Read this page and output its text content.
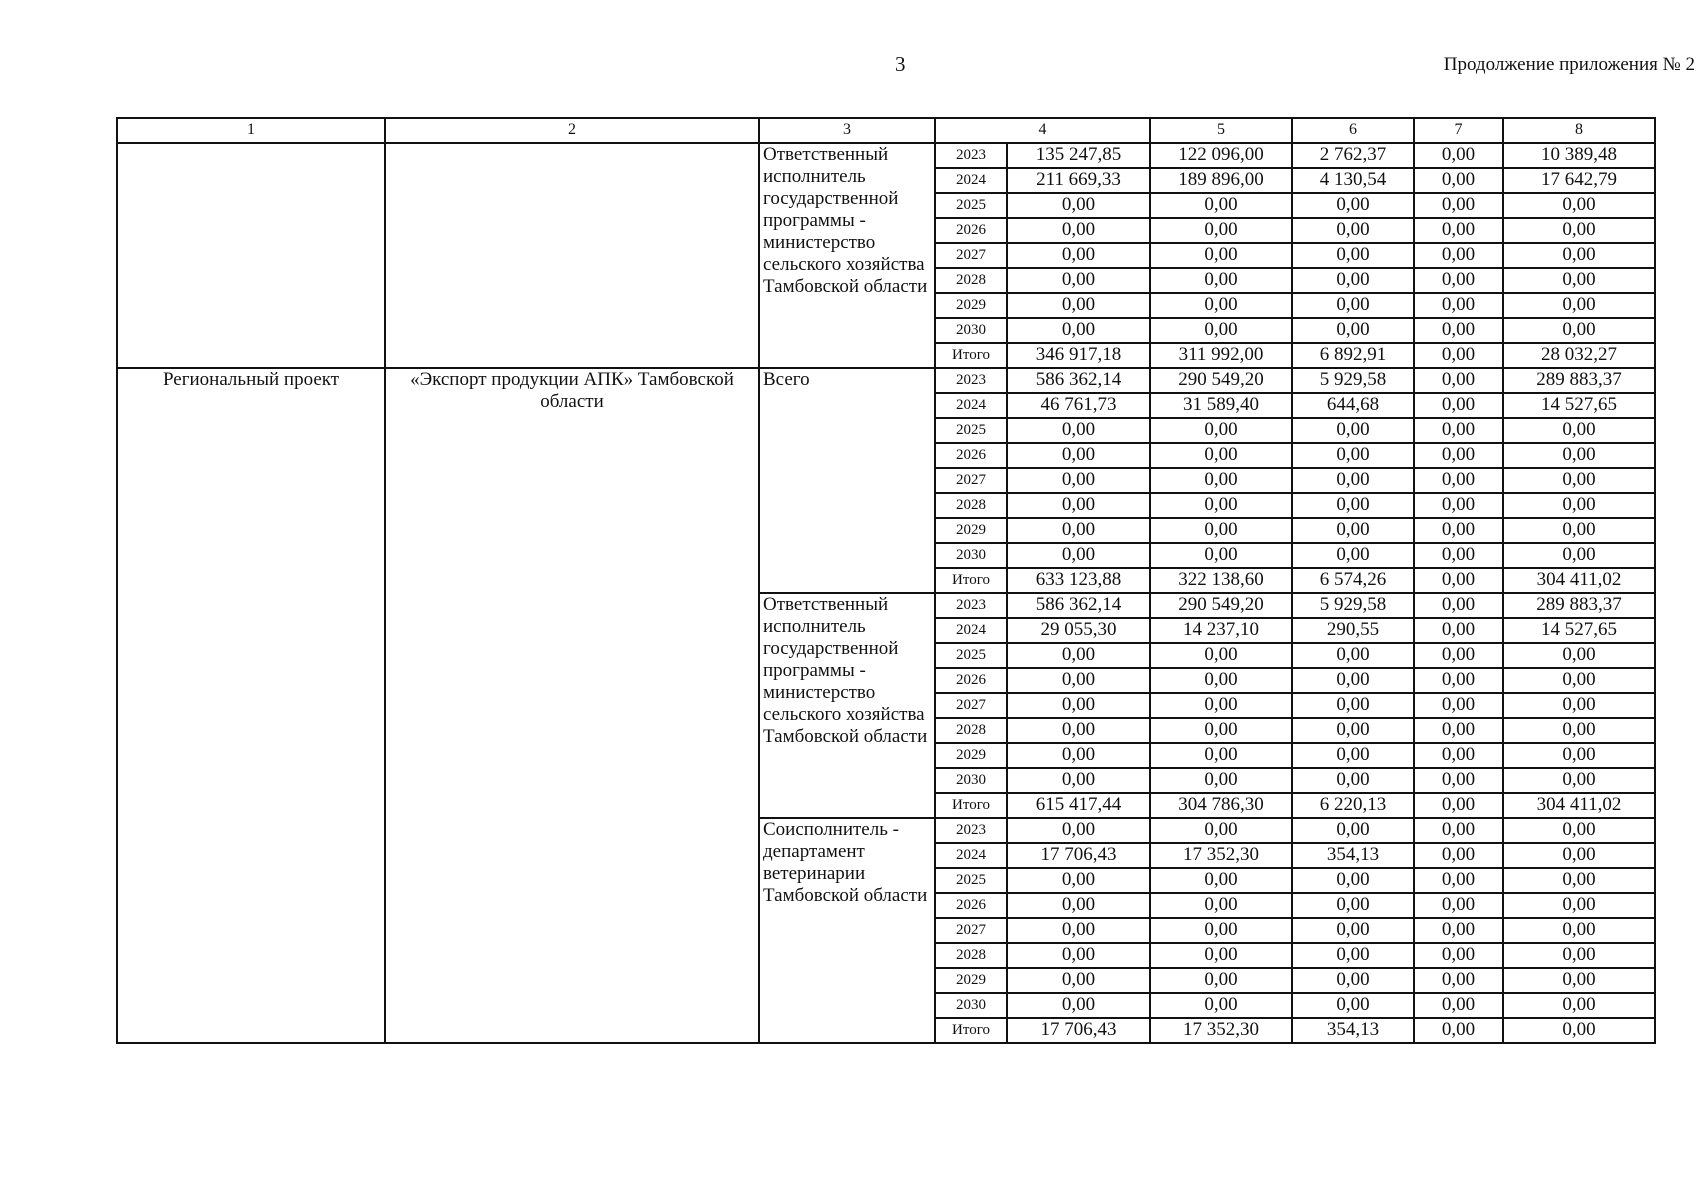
3	Продолжение приложения № 2
1	2	3	4		5	6	7	8
		Ответственный исполнитель государственной программы - министерство сельского хозяйства Тамбовской области	2023	135 247,85	122 096,00	2 762,37	0,00	10 389,48
			2024	211 669,33	189 896,00	4 130,54	0,00	17 642,79
			2025	0,00	0,00	0,00	0,00	0,00
			2026	0,00	0,00	0,00	0,00	0,00
			2027	0,00	0,00	0,00	0,00	0,00
			2028	0,00	0,00	0,00	0,00	0,00
			2029	0,00	0,00	0,00	0,00	0,00
			2030	0,00	0,00	0,00	0,00	0,00
			Итого	346 917,18	311 992,00	6 892,91	0,00	28 032,27
Региональный проект	«Экспорт продукции АПК» Тамбовской области	Всего	2023	586 362,14	290 549,20	5 929,58	0,00	289 883,37
			2024	46 761,73	31 589,40	644,68	0,00	14 527,65
			2025	0,00	0,00	0,00	0,00	0,00
			2026	0,00	0,00	0,00	0,00	0,00
			2027	0,00	0,00	0,00	0,00	0,00
			2028	0,00	0,00	0,00	0,00	0,00
			2029	0,00	0,00	0,00	0,00	0,00
			2030	0,00	0,00	0,00	0,00	0,00
			Итого	633 123,88	322 138,60	6 574,26	0,00	304 411,02
		Ответственный исполнитель государственной программы - министерство сельского хозяйства Тамбовской области	2023	586 362,14	290 549,20	5 929,58	0,00	289 883,37
			2024	29 055,30	14 237,10	290,55	0,00	14 527,65
			2025	0,00	0,00	0,00	0,00	0,00
			2026	0,00	0,00	0,00	0,00	0,00
			2027	0,00	0,00	0,00	0,00	0,00
			2028	0,00	0,00	0,00	0,00	0,00
			2029	0,00	0,00	0,00	0,00	0,00
			2030	0,00	0,00	0,00	0,00	0,00
			Итого	615 417,44	304 786,30	6 220,13	0,00	304 411,02
		Соисполнитель - департамент ветеринарии Тамбовской области	2023	0,00	0,00	0,00	0,00	0,00
			2024	17 706,43	17 352,30	354,13	0,00	0,00
			2025	0,00	0,00	0,00	0,00	0,00
			2026	0,00	0,00	0,00	0,00	0,00
			2027	0,00	0,00	0,00	0,00	0,00
			2028	0,00	0,00	0,00	0,00	0,00
			2029	0,00	0,00	0,00	0,00	0,00
			2030	0,00	0,00	0,00	0,00	0,00
			Итого	17 706,43	17 352,30	354,13	0,00	0,00
